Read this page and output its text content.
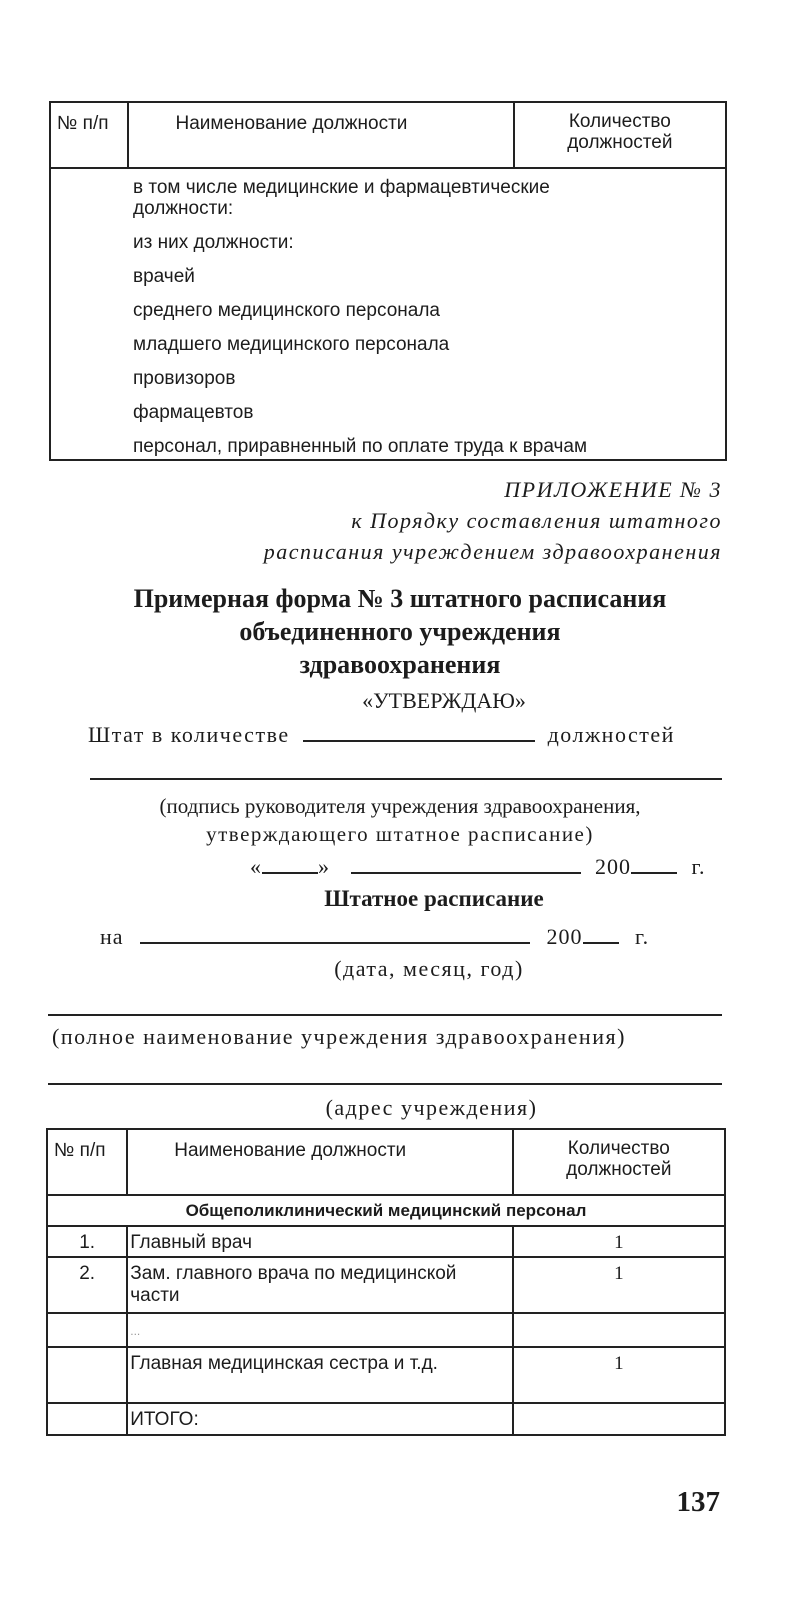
№ п/п	Наименование должности	Количество
должностей

в том числе медицинские и фармацевтические
должности:
из них должности:
врачей
среднего медицинского персонала
младшего медицинского персонала
провизоров
фармацевтов
персонал, приравненный по оплате труда к врачам
ПРИЛОЖЕНИЕ № 3
к Порядку составления штатного
расписания учреждением здравоохранения
Примерная форма № 3 штатного расписания
объединенного учреждения
здравоохранения
«УТВЕРЖДАЮ»
Штат в количестве	должностей
(подпись руководителя учреждения здравоохранения,
утверждающего штатное расписание)
«	»	200	г.
Штатное расписание
на	200 г.
(дата, месяц, год)
(полное наименование учреждения здравоохранения)
(адрес учреждения)
№ п/п	Наименование должности	Количество
должностей
Общеполиклинический медицинский персонал		
1.	Главный врач	1
2.	Зам. главного врача по медицинской части	1
	...	
	Главная медицинская сестра и т.д.	1
	ИТОГО:	
137
